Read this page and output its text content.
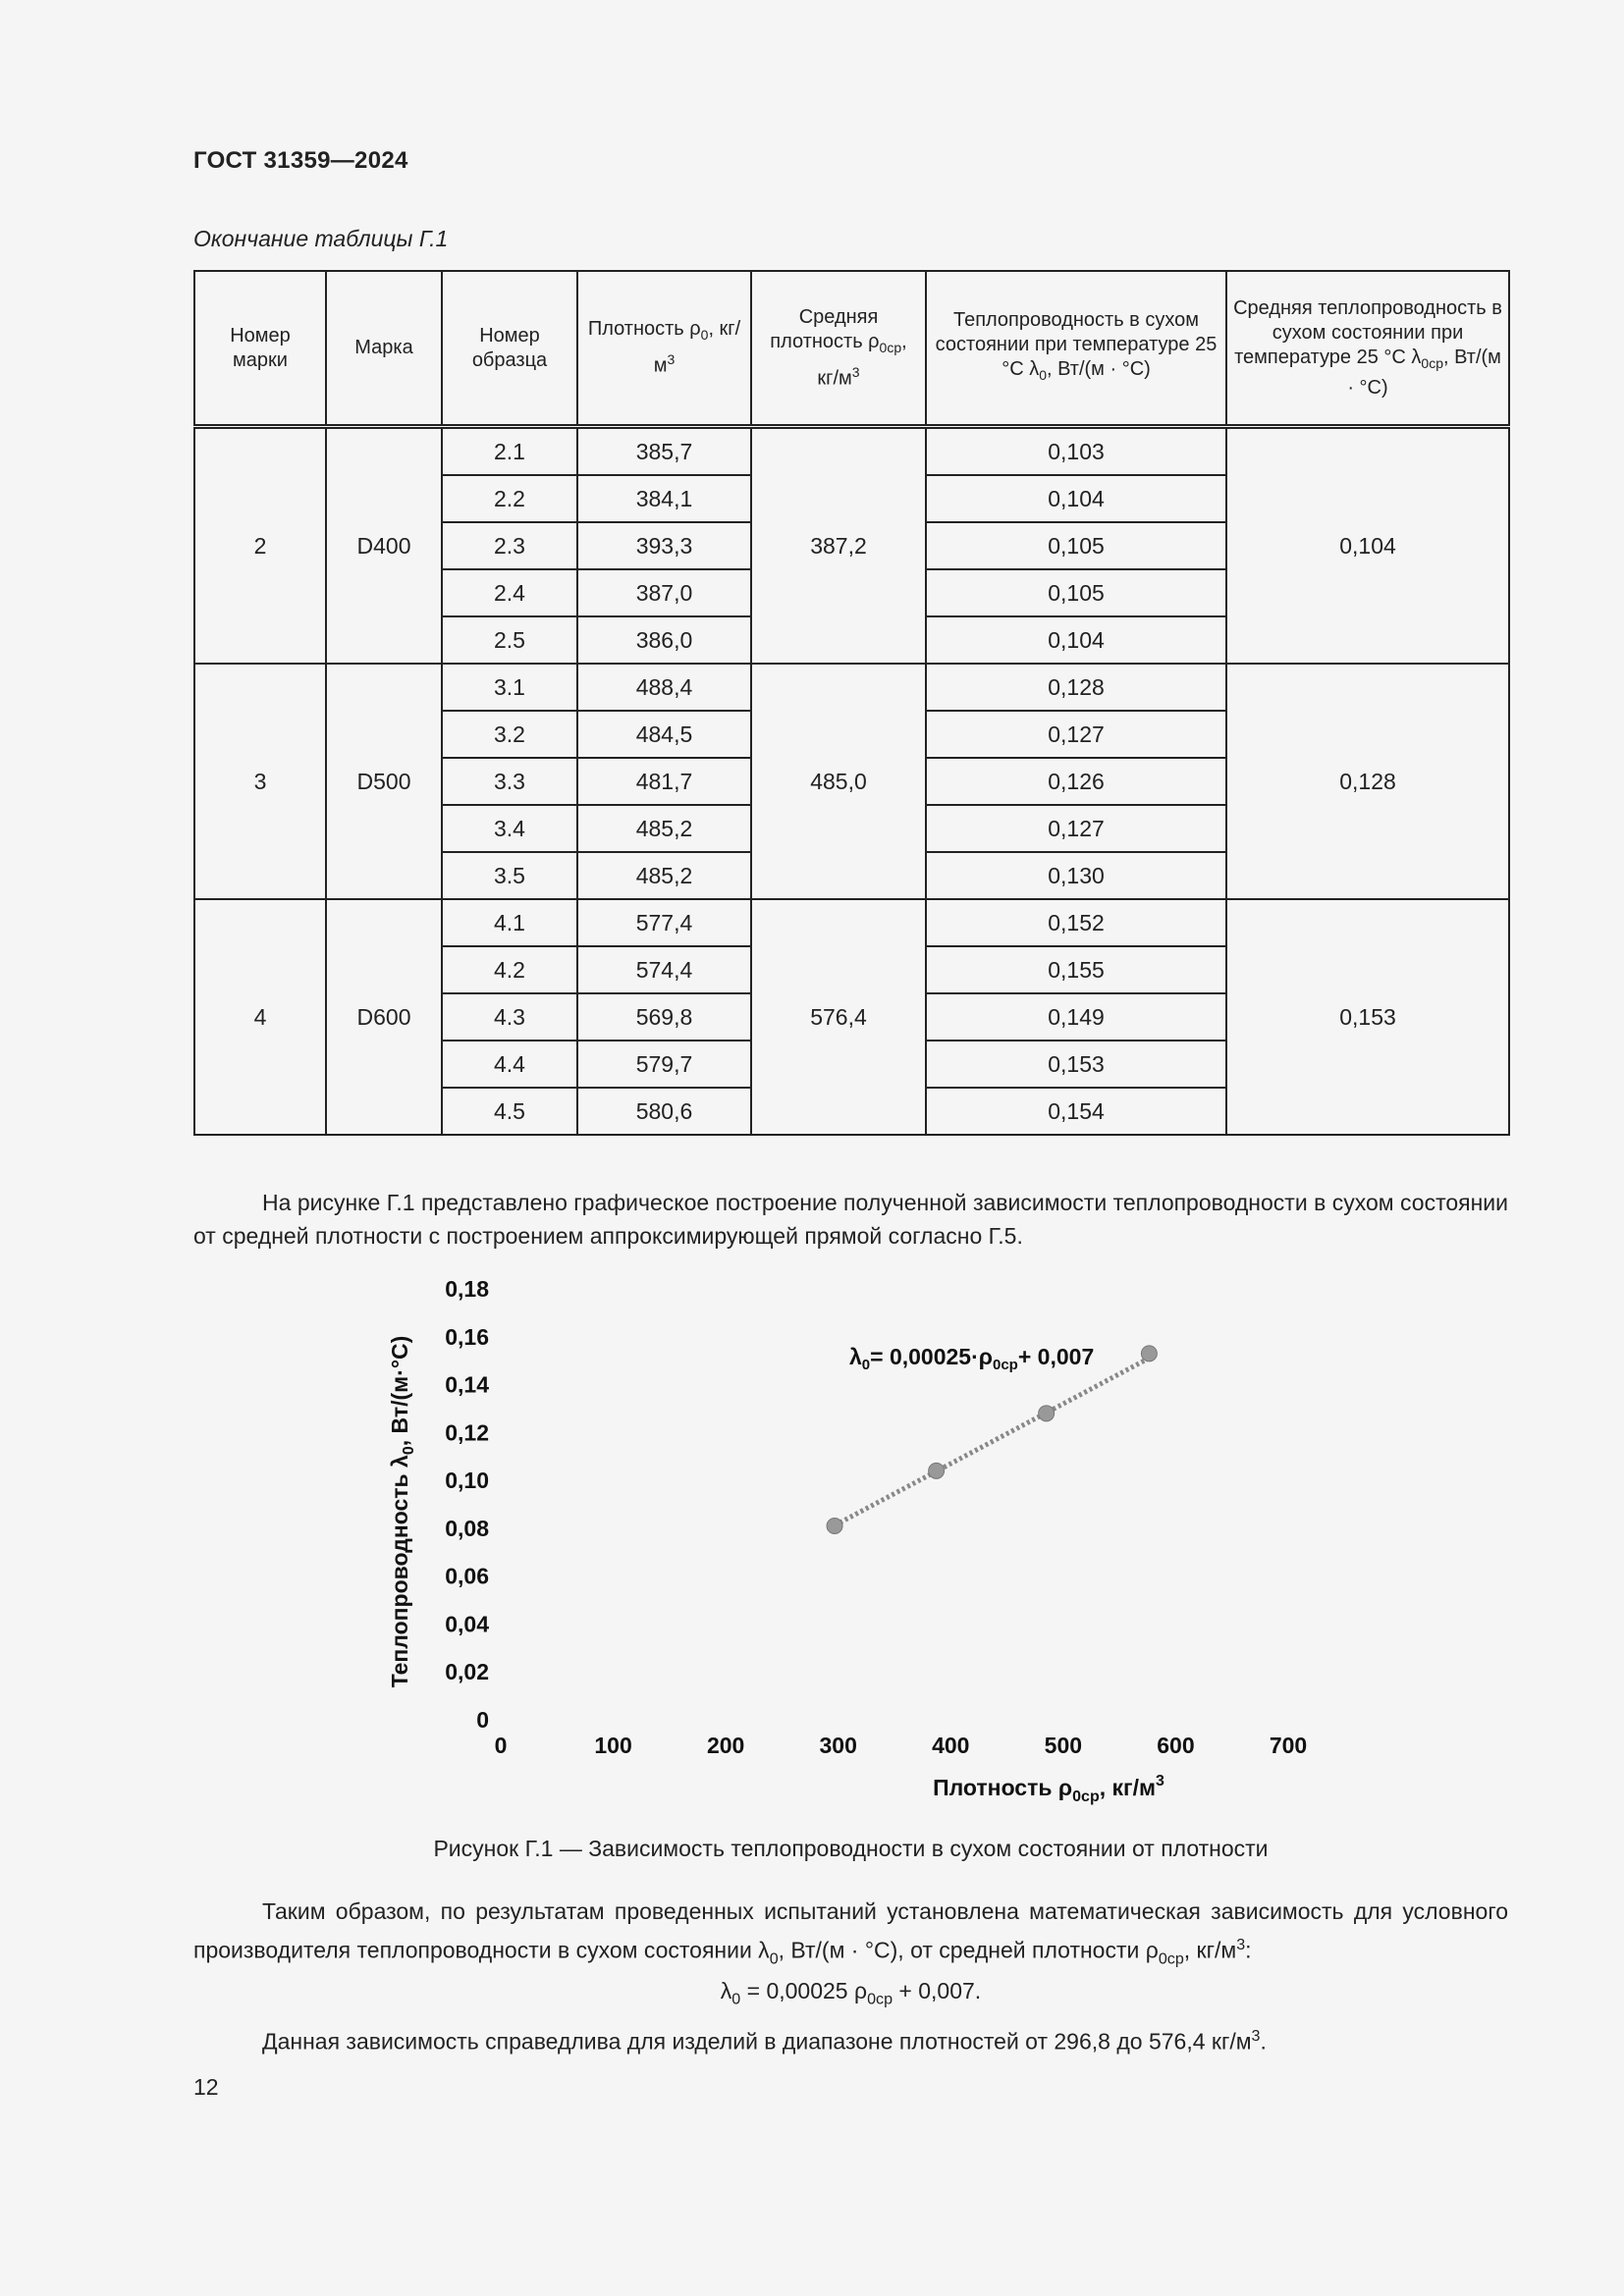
ГОСТ 31359—2024
Окончание таблицы Г.1
Номер марки	Марка	Номер образца	Плотность $\rho_0$, $кг/м^3$	Средняя плотность $\rho_{0ср}$, $кг/м^3$	Теплопроводность в сухом состоянии при температуре 25 °С $\lambda_0$, Вт/(м · °С)	Средняя теплопроводность в сухом состоянии при температуре 25 °С $\lambda_{0ср}$, Вт/(м · °С)
2	D400	2.1	385,7	387,2	0,103	0,104
		2.2	384,1		0,104	
		2.3	393,3		0,105	
		2.4	387,0		0,105	
		2.5	386,0		0,104	
3	D500	3.1	488,4	485,0	0,128	0,128
		3.2	484,5		0,127	
		3.3	481,7		0,126	
		3.4	485,2		0,127	
		3.5	485,2		0,130	
4	D600	4.1	577,4	576,4	0,152	0,153
		4.2	574,4		0,155	
		4.3	569,8		0,149	
		4.4	579,7		0,153	
		4.5	580,6		0,154	
На рисунке Г.1 представлено графическое построение полученной зависимости теплопроводности в сухом состоянии от средней плотности с построением аппроксимирующей прямой согласно Г.5.
0
0,02
0,04
0,06
0,08
0,10
0,12
0,14
0,16
0,18
0	100	200	300	400	500	600	700
Теплопроводность $\lambda_0$, Вт/(м·°С)
Плотность $\rho_{0ср}$, $кг/м^3$
$\lambda_0= 0,00025\cdot\rho_{0ср}+ 0,007$
Рисунок Г.1 — Зависимость теплопроводности в сухом состоянии от плотности
Таким образом, по результатам проведенных испытаний установлена математическая зависимость для условного производителя теплопроводности в сухом состоянии $\lambda_0$, Вт/(м · °С), от средней плотности $\rho_{0ср}$, $кг/м^3$:
$\lambda_0 = 0,00025$ $\rho_{0ср} + 0,007$.
Данная зависимость справедлива для изделий в диапазоне плотностей от 296,8 до 576,4 $кг/м^3$.
12
